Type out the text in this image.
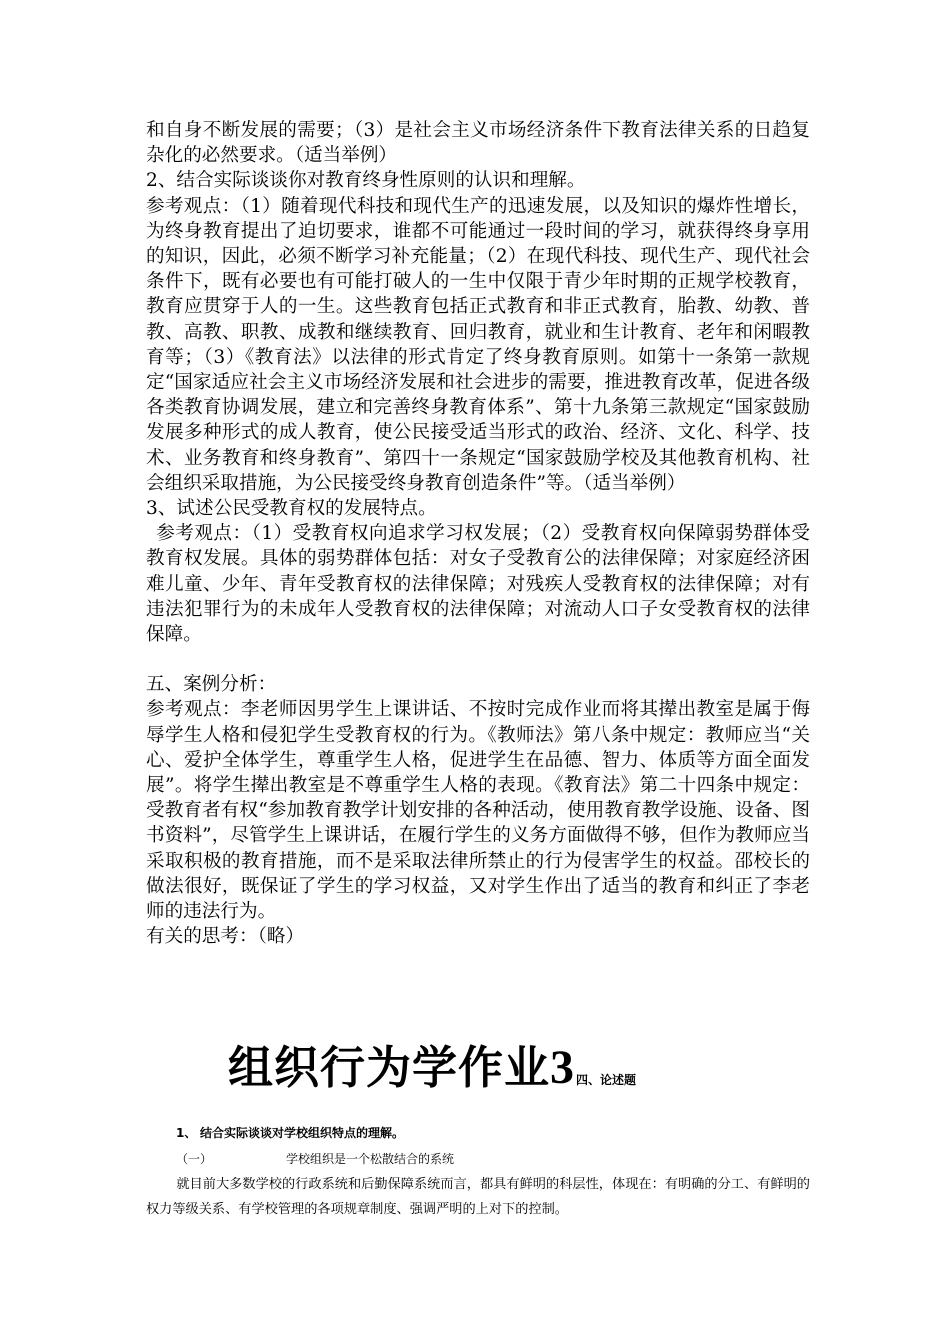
和自身不断发展的需要；（3）是社会主义市场经济条件下教育法律关系的日趋复杂化的必然要求。（适当举例）

2、结合实际谈谈你对教育终身性原则的认识和理解。

参考观点：（1）随着现代科技和现代生产的迅速发展，以及知识的爆炸性增长，为终身教育提出了迫切要求，谁都不可能通过一段时间的学习，就获得终身享用的知识，因此，必须不断学习补充能量；（2）在现代科技、现代生产、现代社会条件下，既有必要也有可能打破人的一生中仅限于青少年时期的正规学校教育，教育应贯穿于人的一生。这些教育包括正式教育和非正式教育，胎教、幼教、普教、高教、职教、成教和继续教育、回归教育，就业和生计教育、老年和闲暇教育等；（3）《教育法》以法律的形式肯定了终身教育原则。如第十一条第一款规定“国家适应社会主义市场经济发展和社会进步的需要，推进教育改革，促进各级各类教育协调发展，建立和完善终身教育体系”、第十九条第三款规定“国家鼓励发展多种形式的成人教育，使公民接受适当形式的政治、经济、文化、科学、技术、业务教育和终身教育”、第四十一条规定“国家鼓励学校及其他教育机构、社会组织采取措施，为公民接受终身教育创造条件”等。（适当举例）

3、试述公民受教育权的发展特点。

参考观点：（1）受教育权向追求学习权发展；（2）受教育权向保障弱势群体受教育权发展。具体的弱势群体包括：对女子受教育公的法律保障；对家庭经济困难儿童、少年、青年受教育权的法律保障；对残疾人受教育权的法律保障；对有违法犯罪行为的未成年人受教育权的法律保障；对流动人口子女受教育权的法律保障。

五、案例分析：

参考观点：李老师因男学生上课讲话、不按时完成作业而将其撵出教室是属于侮辱学生人格和侵犯学生受教育权的行为。《教师法》第八条中规定：教师应当“关心、爱护全体学生，尊重学生人格，促进学生在品德、智力、体质等方面全面发展”。将学生撵出教室是不尊重学生人格的表现。《教育法》第二十四条中规定：受教育者有权“参加教育教学计划安排的各种活动，使用教育教学设施、设备、图书资料”，尽管学生上课讲话，在履行学生的义务方面做得不够，但作为教师应当采取积极的教育措施，而不是采取法律所禁止的行为侵害学生的权益。邵校长的做法很好，既保证了学生的学习权益，又对学生作出了适当的教育和纠正了李老师的违法行为。

有关的思考：（略）

组织行为学作业 3 四、论述题
1、 结合实际谈谈对学校组织特点的理解。
（一）	学校组织是一个松散结合的系统

就目前大多数学校的行政系统和后勤保障系统而言，都具有鲜明的科层性，体现在：有明确的分工、有鲜明的权力等级关系、有学校管理的各项规章制度、强调严明的上对下的控制。
